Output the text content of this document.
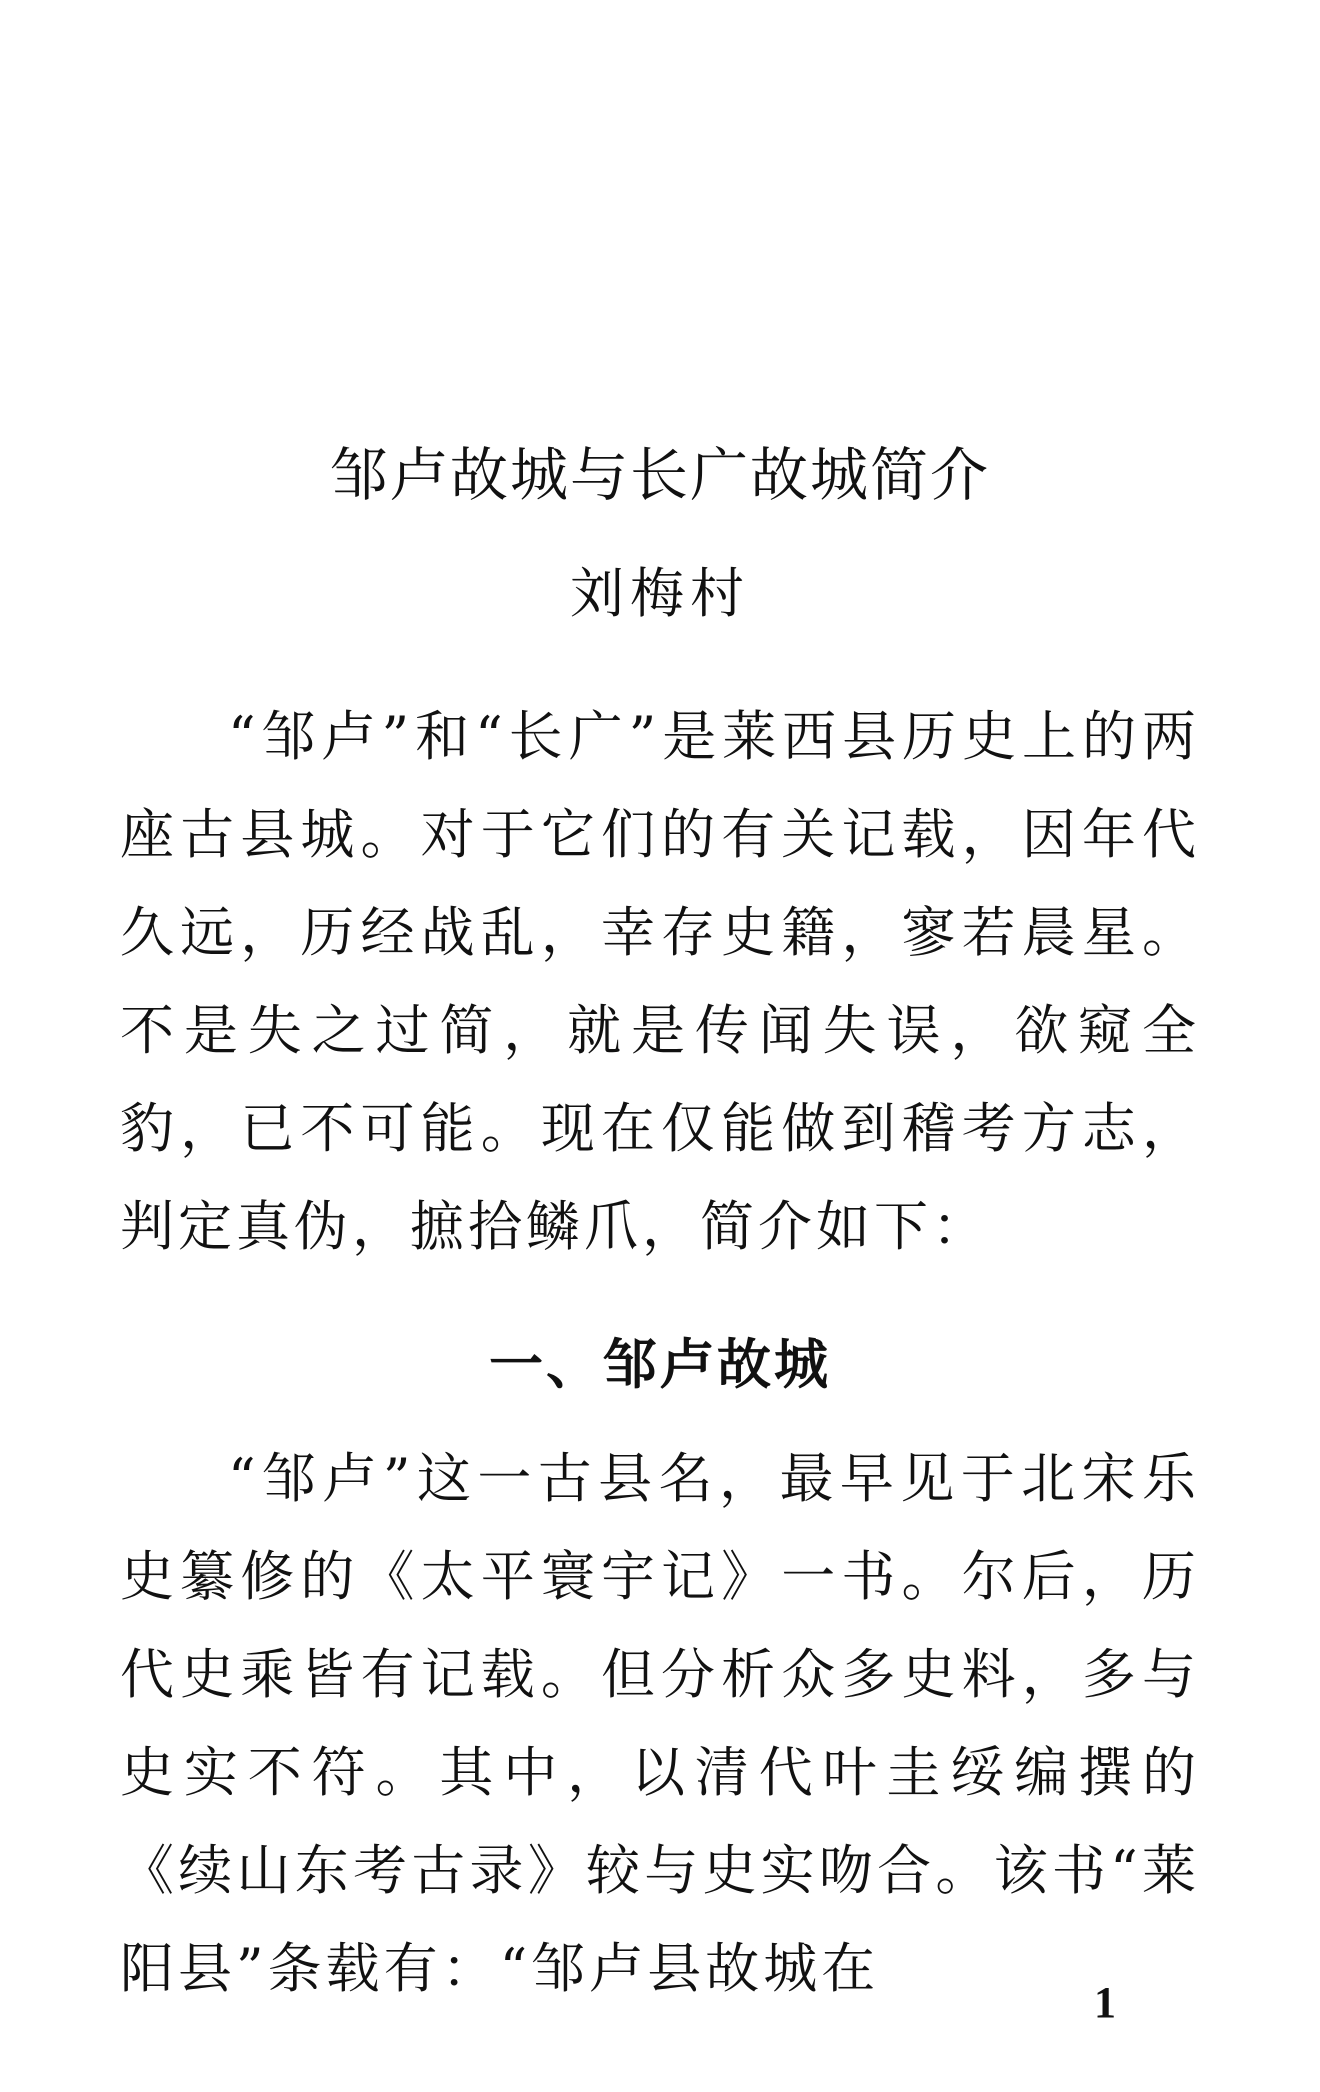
邹卢故城与长广故城简介
刘梅村

“邹卢”和“长广”是莱西县历史上的两座古县城。对于它们的有关记载，因年代久远，历经战乱，幸存史籍，寥若晨星。不是失之过简，就是传闻失误，欲窥全豹，已不可能。现在仅能做到稽考方志，判定真伪，摭拾鳞爪，简介如下：

一、邹卢故城

“邹卢”这一古县名，最早见于北宋乐史纂修的《太平寰宇记》一书。尔后，历代史乘皆有记载。但分析众多史料，多与史实不符。其中，以清代叶圭绥编撰的《续山东考古录》较与史实吻合。该书“莱阳县”条载有：“邹卢县故城在

1
